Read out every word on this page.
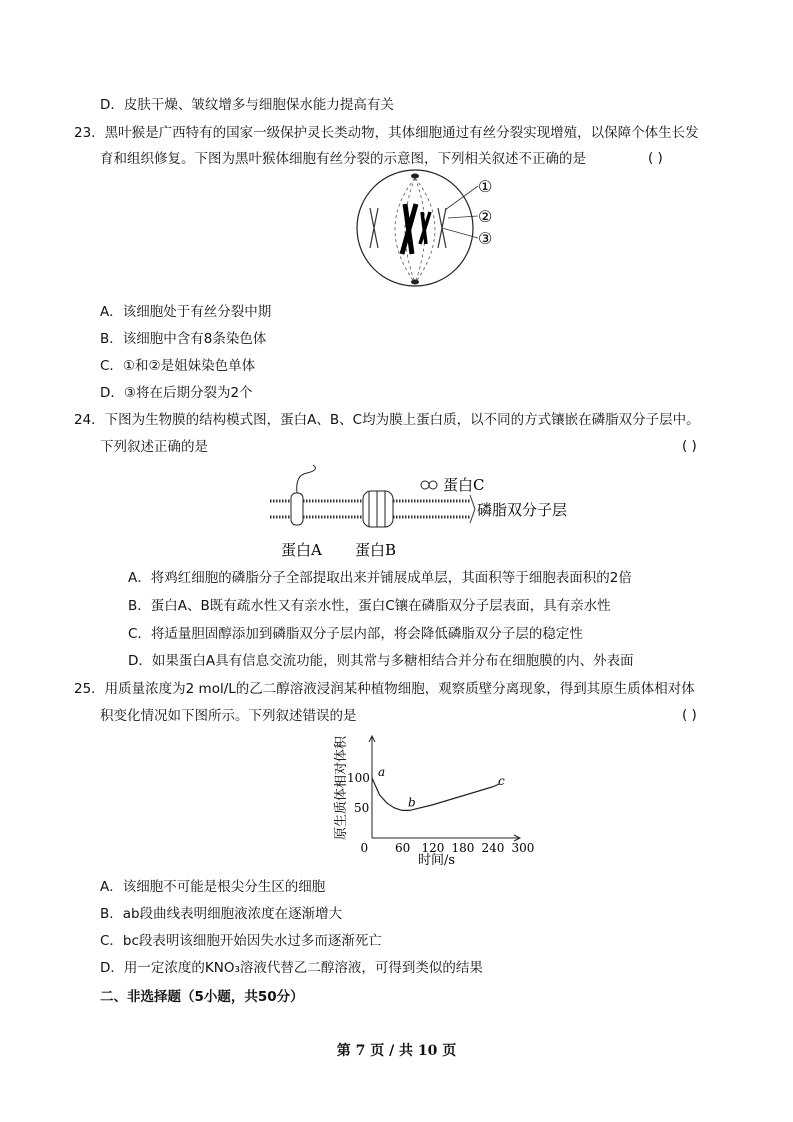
D．皮肤干燥、皱纹增多与细胞保水能力提高有关
23．黑叶猴是广西特有的国家一级保护灵长类动物，其体细胞通过有丝分裂实现增殖，以保障个体生长发
育和组织修复。下图为黑叶猴体细胞有丝分裂的示意图，下列相关叙述不正确的是	( )
①
②
③
A．该细胞处于有丝分裂中期
B．该细胞中含有8条染色体
C．①和②是姐妹染色单体
D．③将在后期分裂为2个
24．下图为生物膜的结构模式图，蛋白A、B、C均为膜上蛋白质，以不同的方式镶嵌在磷脂双分子层中。
下列叙述正确的是	( )
蛋白C
磷脂双分子层
蛋白A 蛋白B
A．将鸡红细胞的磷脂分子全部提取出来并铺展成单层，其面积等于细胞表面积的2倍
B．蛋白A、B既有疏水性又有亲水性，蛋白C镶在磷脂双分子层表面，具有亲水性
C．将适量胆固醇添加到磷脂双分子层内部，将会降低磷脂双分子层的稳定性
D．如果蛋白A具有信息交流功能，则其常与多糖相结合并分布在细胞膜的内、外表面
25．用质量浓度为2 mol/L的乙二醇溶液浸润某种植物细胞，观察质壁分离现象，得到其原生质体相对体
积变化情况如下图所示。下列叙述错误的是	( )
原生质体相对体积
时间/s
0 60 120 180 240 300
50
100 a
b
c
A．该细胞不可能是根尖分生区的细胞
B．ab段曲线表明细胞液浓度在逐渐增大
C．bc段表明该细胞开始因失水过多而逐渐死亡
D．用一定浓度的KNO₃溶液代替乙二醇溶液，可得到类似的结果
二、非选择题（5小题，共50分）
第 7 页 / 共 10 页
